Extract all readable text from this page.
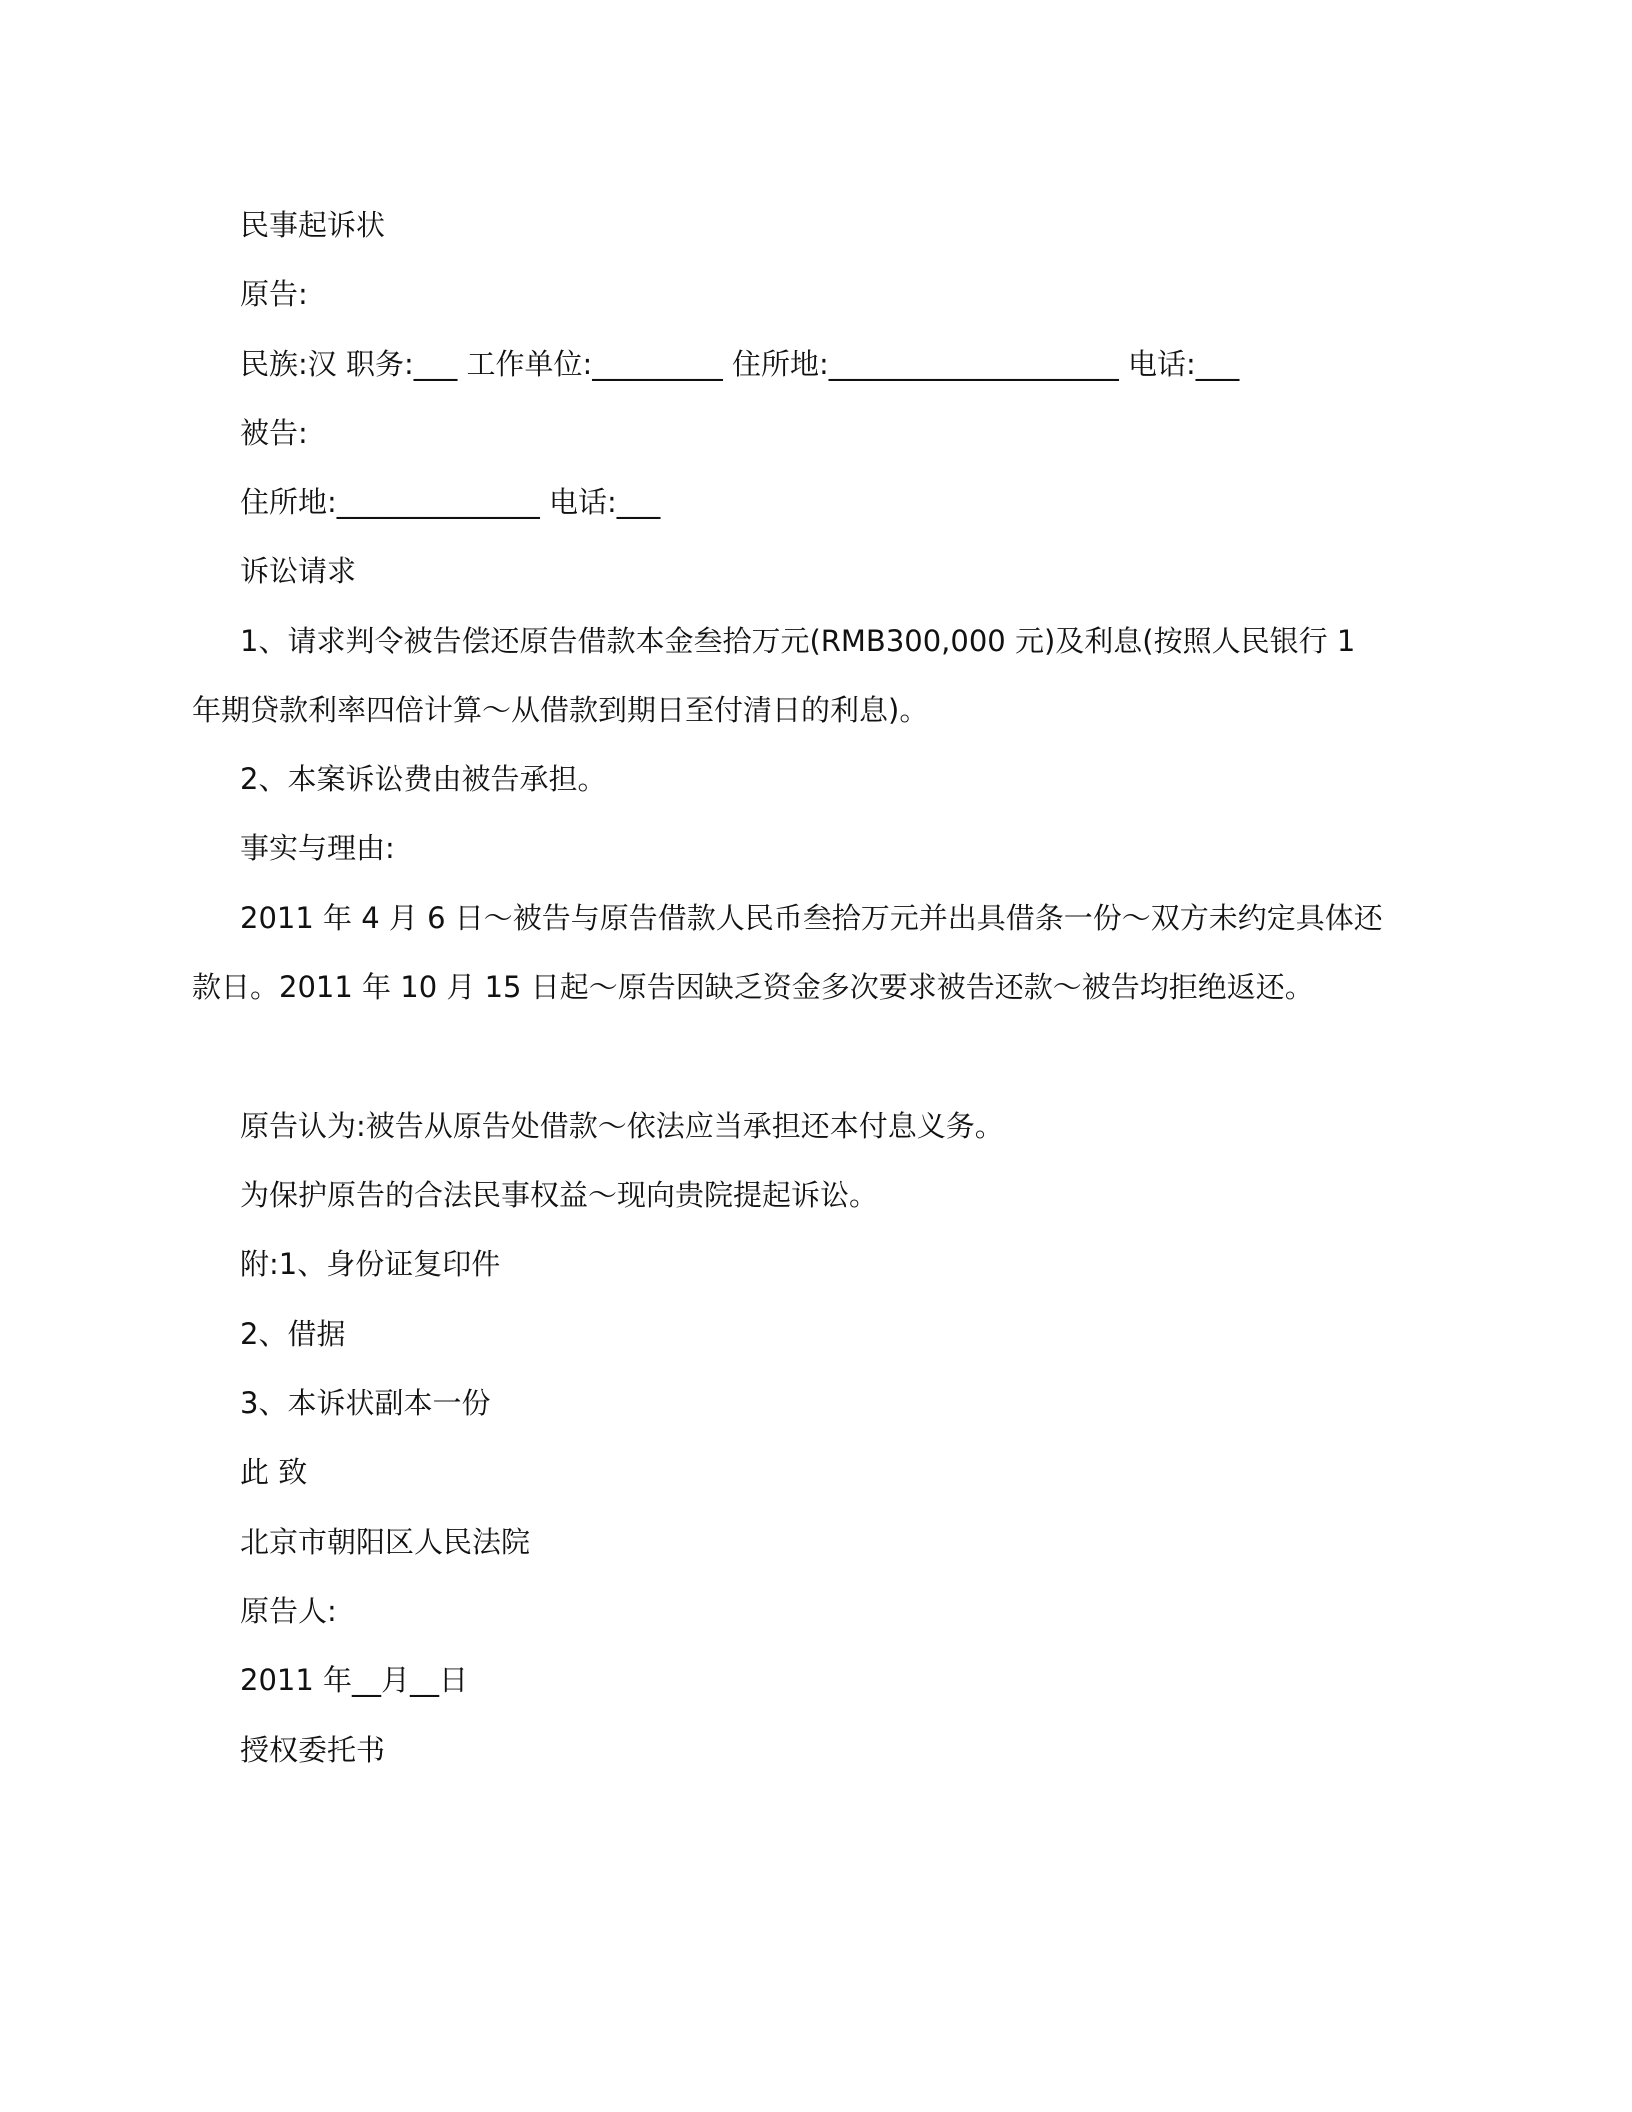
民事起诉状
原告:
民族:汉 职务:___ 工作单位:_________ 住所地:____________________ 电话:___
被告:
住所地:______________ 电话:___
诉讼请求
1、请求判令被告偿还原告借款本金叁拾万元(RMB300,000 元)及利息(按照人民银行 1 年期贷款利率四倍计算～从借款到期日至付清日的利息)。
2、本案诉讼费由被告承担。
事实与理由:
2011 年 4 月 6 日～被告与原告借款人民币叁拾万元并出具借条一份～双方未约定具体还款日。2011 年 10 月 15 日起～原告因缺乏资金多次要求被告还款～被告均拒绝返还。
原告认为:被告从原告处借款～依法应当承担还本付息义务。
为保护原告的合法民事权益～现向贵院提起诉讼。
附:1、身份证复印件
2、借据
3、本诉状副本一份
此 致
北京市朝阳区人民法院
原告人:
2011 年__月__日
授权委托书
